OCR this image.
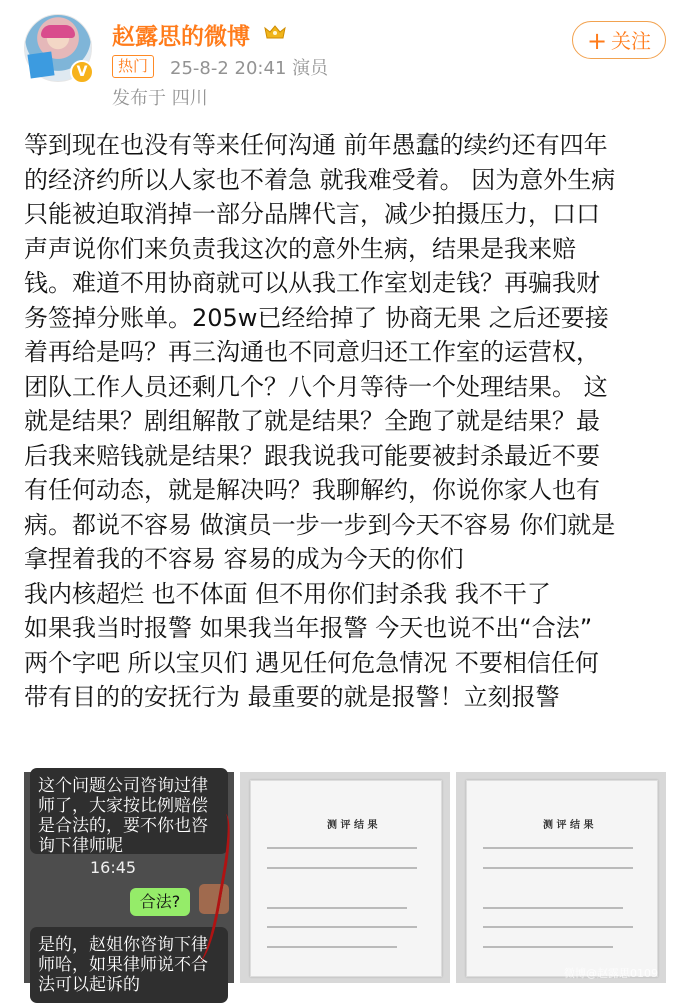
V
赵露思的微博
热门	25-8-2 20:41 演员
发布于 四川
+ 关注

等到现在也没有等来任何沟通 前年愚蠢的续约还有四年

的经济约所以人家也不着急 就我难受着。 因为意外生病

只能被迫取消掉一部分品牌代言，减少拍摄压力，口口

声声说你们来负责我这次的意外生病，结果是我来赔

钱。难道不用协商就可以从我工作室划走钱？再骗我财

务签掉分账单。205w已经给掉了 协商无果 之后还要接

着再给是吗？再三沟通也不同意归还工作室的运营权，

团队工作人员还剩几个？八个月等待一个处理结果。 这

就是结果？剧组解散了就是结果？全跑了就是结果？最

后我来赔钱就是结果？跟我说我可能要被封杀最近不要

有任何动态，就是解决吗？我聊解约，你说你家人也有

病。都说不容易 做演员一步一步到今天不容易 你们就是

拿捏着我的不容易 容易的成为今天的你们

我内核超烂 也不体面 但不用你们封杀我 我不干了

如果我当时报警 如果我当年报警 今天也说不出“合法”

两个字吧 所以宝贝们 遇见任何危急情况 不要相信任何

带有目的的安抚行为 最重要的就是报警！立刻报警

这个问题公司咨询过律师了，大家按比例赔偿是合法的，要不你也咨询下律师呢
16:45
合法?
是的，赵姐你咨询下律师哈，如果律师说不合法可以起诉的
测 评 结 果	测 评 结 果
微博@赵露思0109
